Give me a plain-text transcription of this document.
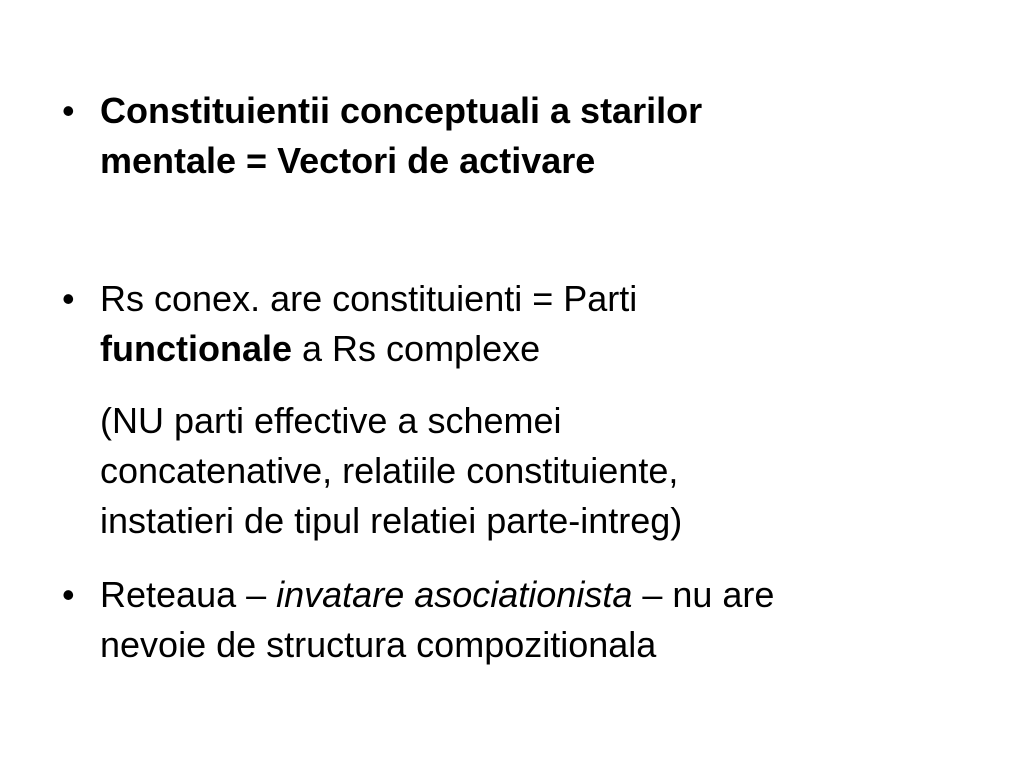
• Constituientii conceptuali a starilor
mentale = Vectori de activare
• Rs conex. are constituienti = Parti
functionale a Rs complexe
(NU parti effective a schemei
concatenative, relatiile constituiente,
instatieri de tipul relatiei parte-intreg)
• Reteaua – invatare asociationista – nu are
nevoie de structura compozitionala
